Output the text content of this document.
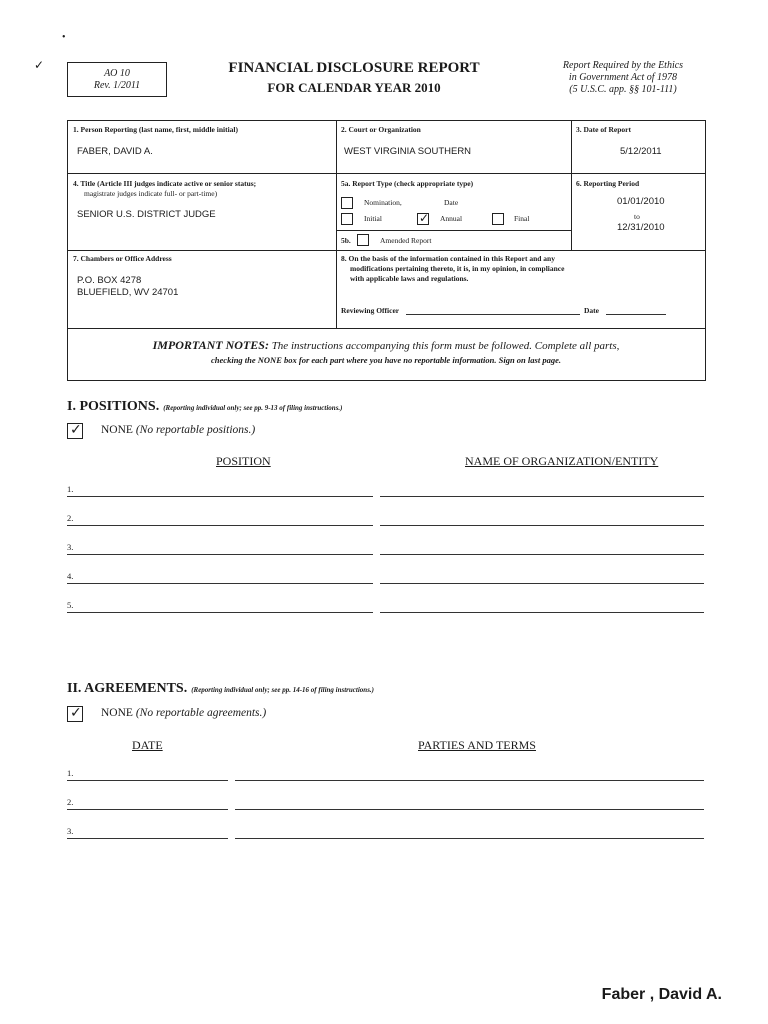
•
✓
AO 10
Rev. 1/2011
FINANCIAL DISCLOSURE REPORT
FOR CALENDAR YEAR 2010
Report Required by the Ethics
in Government Act of 1978
(5 U.S.C. app. §§ 101-111)
1. Person Reporting (last name, first, middle initial)
FABER, DAVID A.
2. Court or Organization
WEST VIRGINIA SOUTHERN
3. Date of Report
5/12/2011
4. Title (Article III judges indicate active or senior status;
magistrate judges indicate full- or part-time)
SENIOR U.S. DISTRICT JUDGE
5a. Report Type (check appropriate type)
Nomination,	Date
Initial
✓	Annual	Final
5b.	Amended Report
6. Reporting Period
01/01/2010
to
12/31/2010
7. Chambers or Office Address
P.O. BOX 4278
BLUEFIELD, WV 24701
8. On the basis of the information contained in this Report and any
modifications pertaining thereto, it is, in my opinion, in compliance
with applicable laws and regulations.
Reviewing Officer	Date
IMPORTANT NOTES: The instructions accompanying this form must be followed. Complete all parts,
checking the NONE box for each part where you have no reportable information. Sign on last page.
I. POSITIONS. (Reporting individual only; see pp. 9-13 of filing instructions.)
✓
NONE (No reportable positions.)
POSITION	NAME OF ORGANIZATION/ENTITY
1.
2.
3.
4.
5.
II. AGREEMENTS. (Reporting individual only; see pp. 14-16 of filing instructions.)
✓
NONE (No reportable agreements.)
DATE	PARTIES AND TERMS
1.
2.
3.
Faber , David A.
